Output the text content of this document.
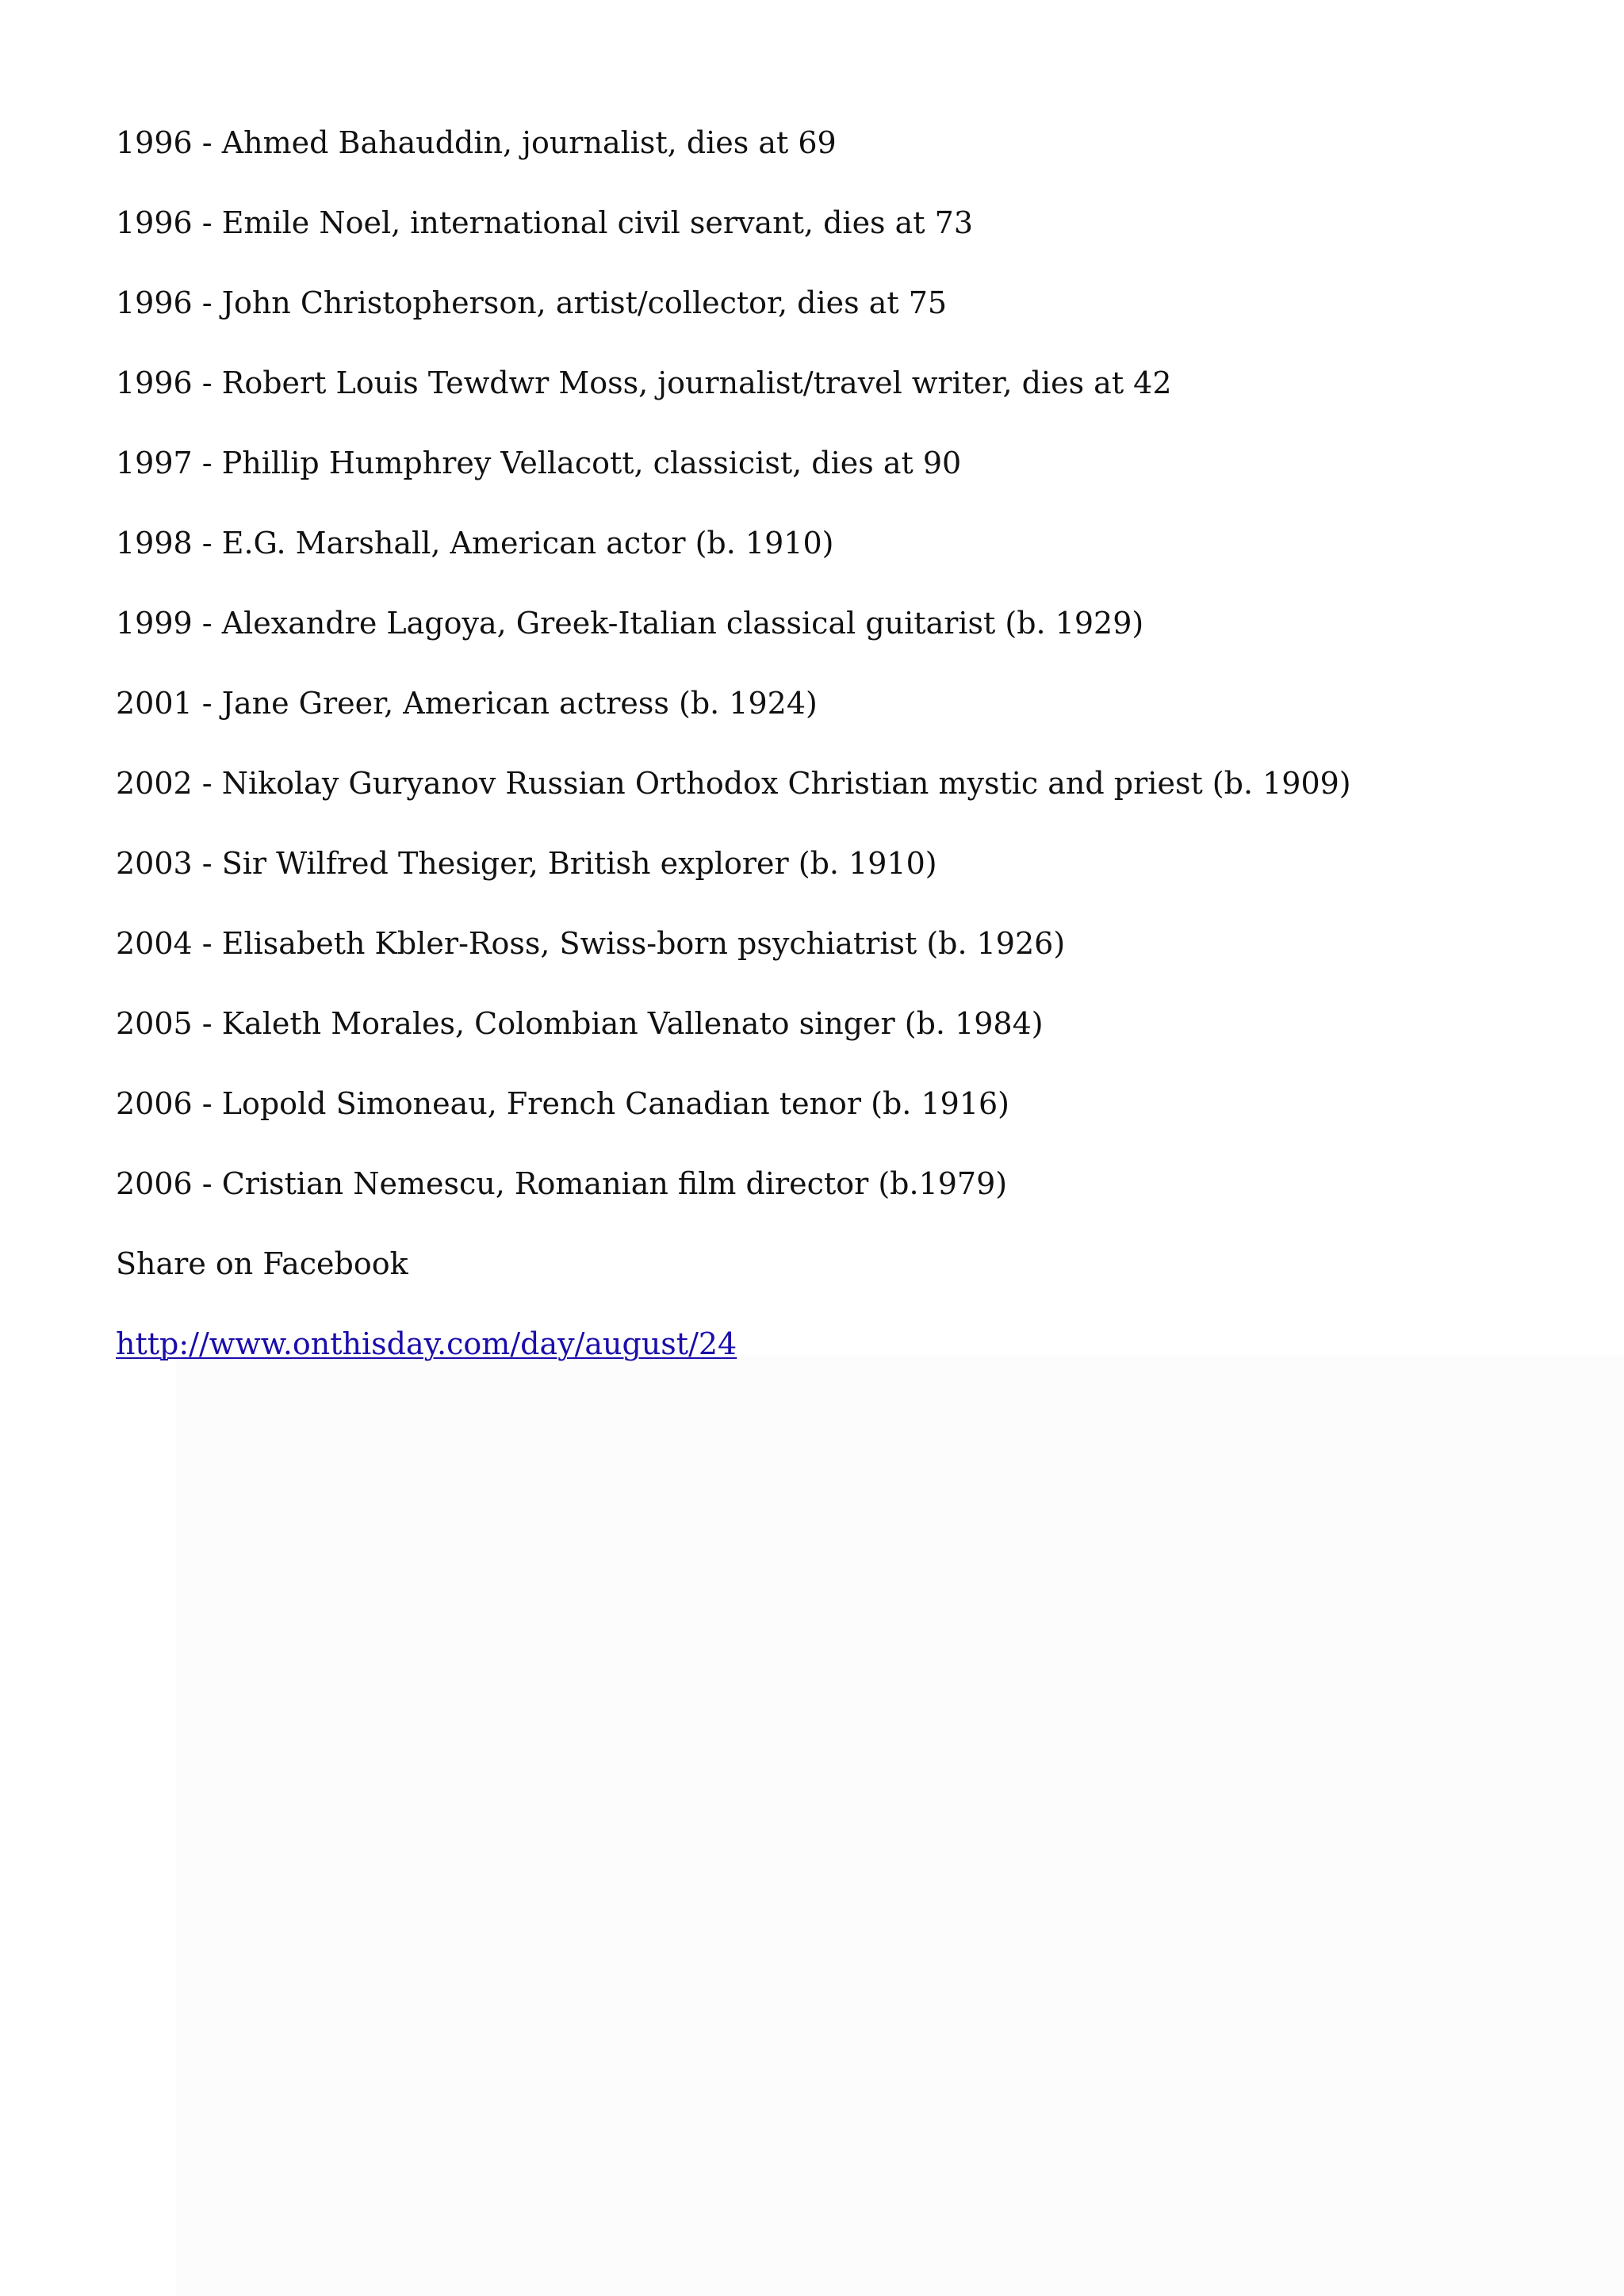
1996 - Ahmed Bahauddin, journalist, dies at 69

1996 - Emile Noel, international civil servant, dies at 73

1996 - John Christopherson, artist/collector, dies at 75

1996 - Robert Louis Tewdwr Moss, journalist/travel writer, dies at 42

1997 - Phillip Humphrey Vellacott, classicist, dies at 90

1998 - E.G. Marshall, American actor (b. 1910)

1999 - Alexandre Lagoya, Greek-Italian classical guitarist (b. 1929)

2001 - Jane Greer, American actress (b. 1924)

2002 - Nikolay Guryanov Russian Orthodox Christian mystic and priest (b. 1909)

2003 - Sir Wilfred Thesiger, British explorer (b. 1910)

2004 - Elisabeth Kbler-Ross, Swiss-born psychiatrist (b. 1926)

2005 - Kaleth Morales, Colombian Vallenato singer (b. 1984)

2006 - Lopold Simoneau, French Canadian tenor (b. 1916)

2006 - Cristian Nemescu, Romanian film director (b.1979)

Share on Facebook

http://www.onthisday.com/day/august/24
